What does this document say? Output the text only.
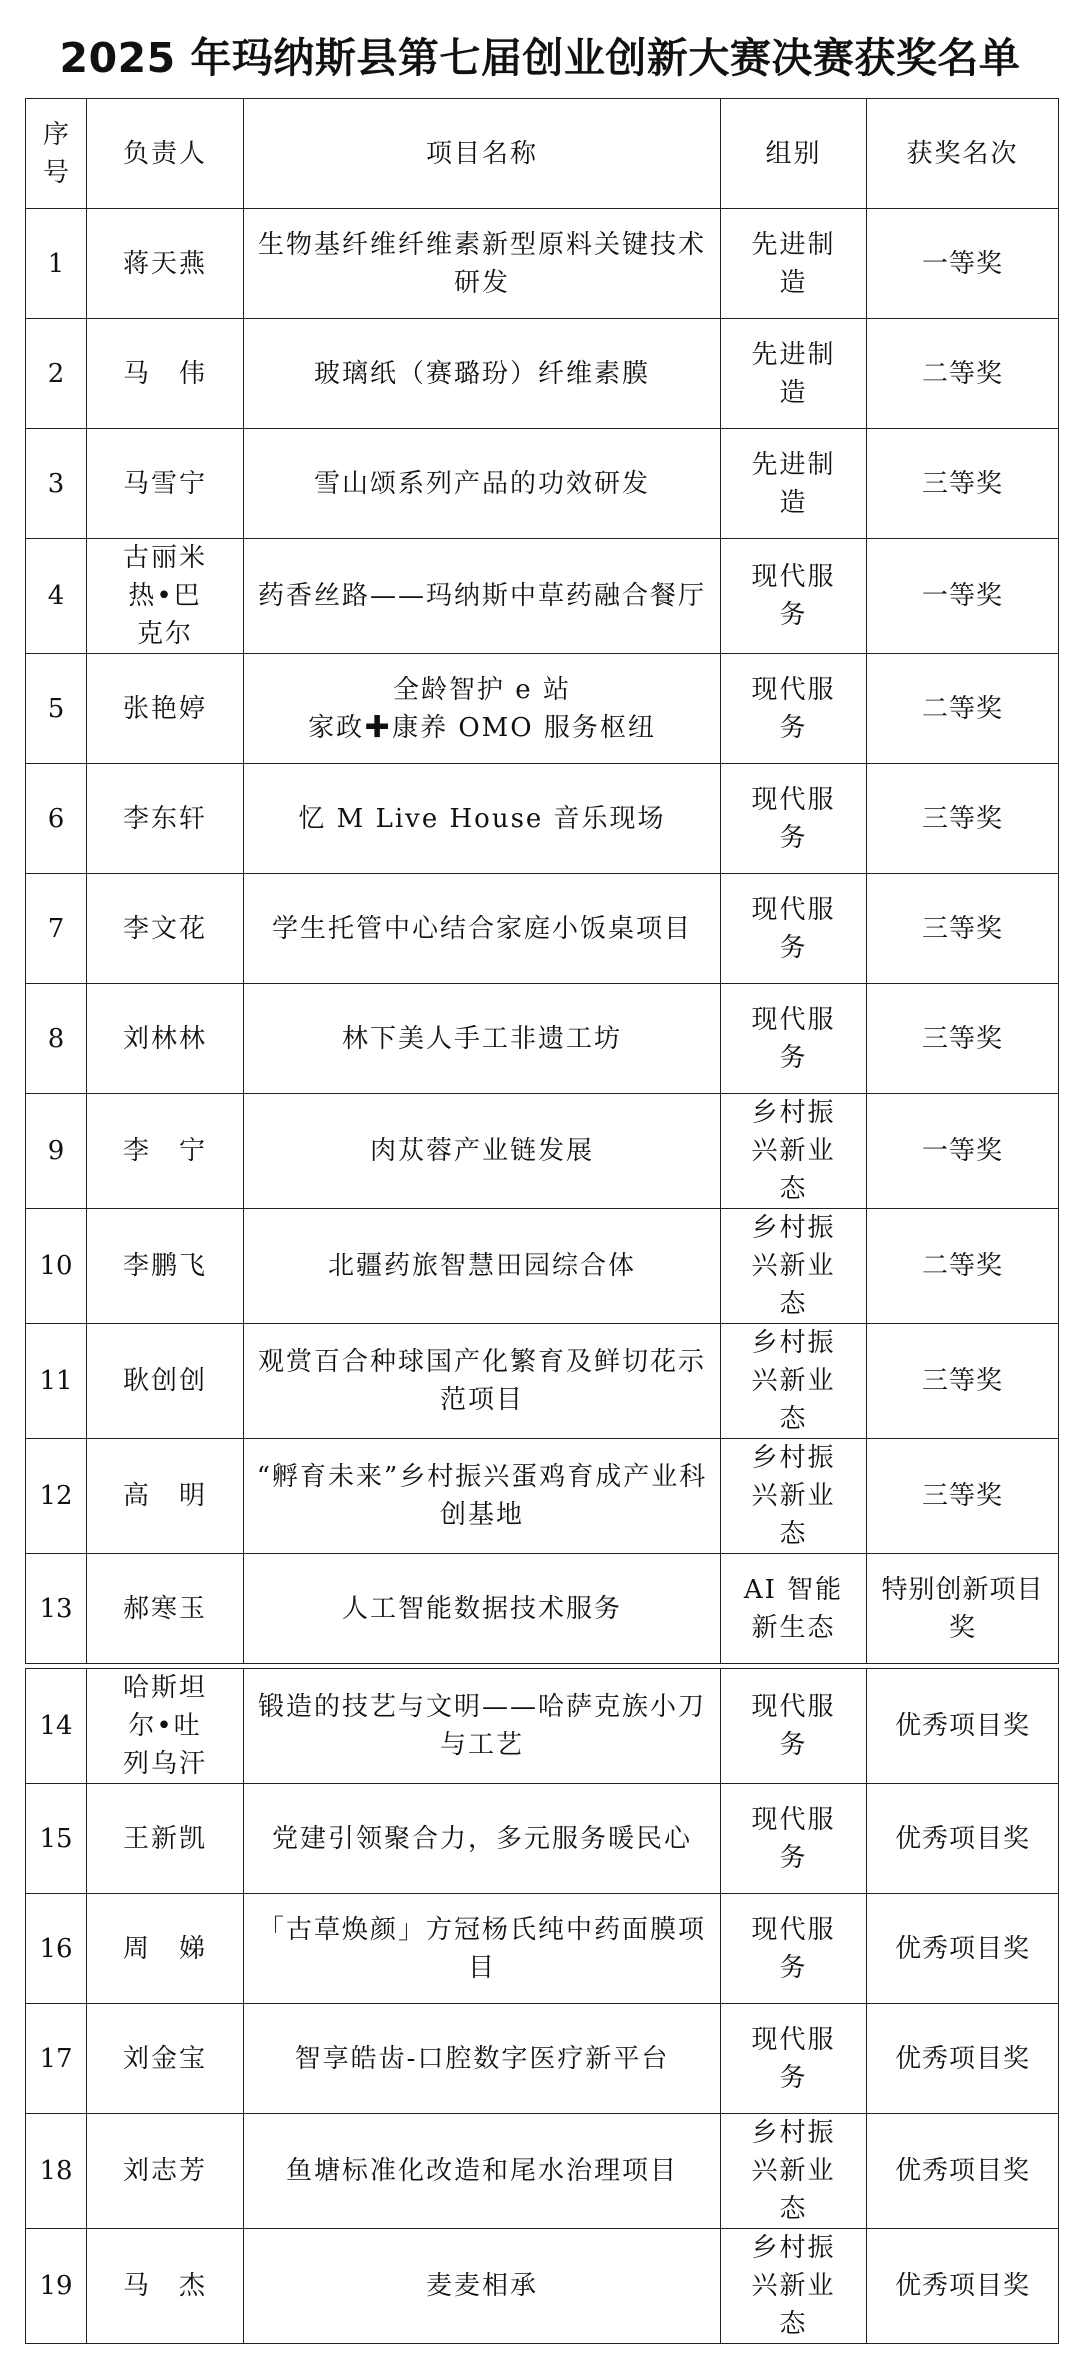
2025 年玛纳斯县第七届创业创新大赛决赛获奖名单
序号	负责人	项目名称	组别	获奖名次
1	蒋天燕	生物基纤维纤维素新型原料关键技术研发	先进制造	一等奖
2	马　伟	玻璃纸（赛璐玢）纤维素膜	先进制造	二等奖
3	马雪宁	雪山颂系列产品的功效研发	先进制造	三等奖
4	古丽米热•巴克尔	药香丝路——玛纳斯中草药融合餐厅	现代服务	一等奖
5	张艳婷	全龄智护 e 站
家政✚康养 OMO 服务枢纽	现代服务	二等奖
6	李东轩	忆 M Live House 音乐现场	现代服务	三等奖
7	李文花	学生托管中心结合家庭小饭桌项目	现代服务	三等奖
8	刘林林	林下美人手工非遗工坊	现代服务	三等奖
9	李　宁	肉苁蓉产业链发展	乡村振兴新业态	一等奖
10	李鹏飞	北疆药旅智慧田园综合体	乡村振兴新业态	二等奖
11	耿创创	观赏百合种球国产化繁育及鲜切花示范项目	乡村振兴新业态	三等奖
12	高　明	“孵育未来”乡村振兴蛋鸡育成产业科创基地	乡村振兴新业态	三等奖
13	郝寒玉	人工智能数据技术服务	AI 智能新生态	特别创新项目奖
14	哈斯坦尔•吐列乌汗	锻造的技艺与文明——哈萨克族小刀与工艺	现代服务	优秀项目奖
15	王新凯	党建引领聚合力，多元服务暖民心	现代服务	优秀项目奖
16	周　娣	「古草焕颜」方冠杨氏纯中药面膜项目	现代服务	优秀项目奖
17	刘金宝	智享皓齿-口腔数字医疗新平台	现代服务	优秀项目奖
18	刘志芳	鱼塘标准化改造和尾水治理项目	乡村振兴新业态	优秀项目奖
19	马　杰	麦麦相承	乡村振兴新业态	优秀项目奖
